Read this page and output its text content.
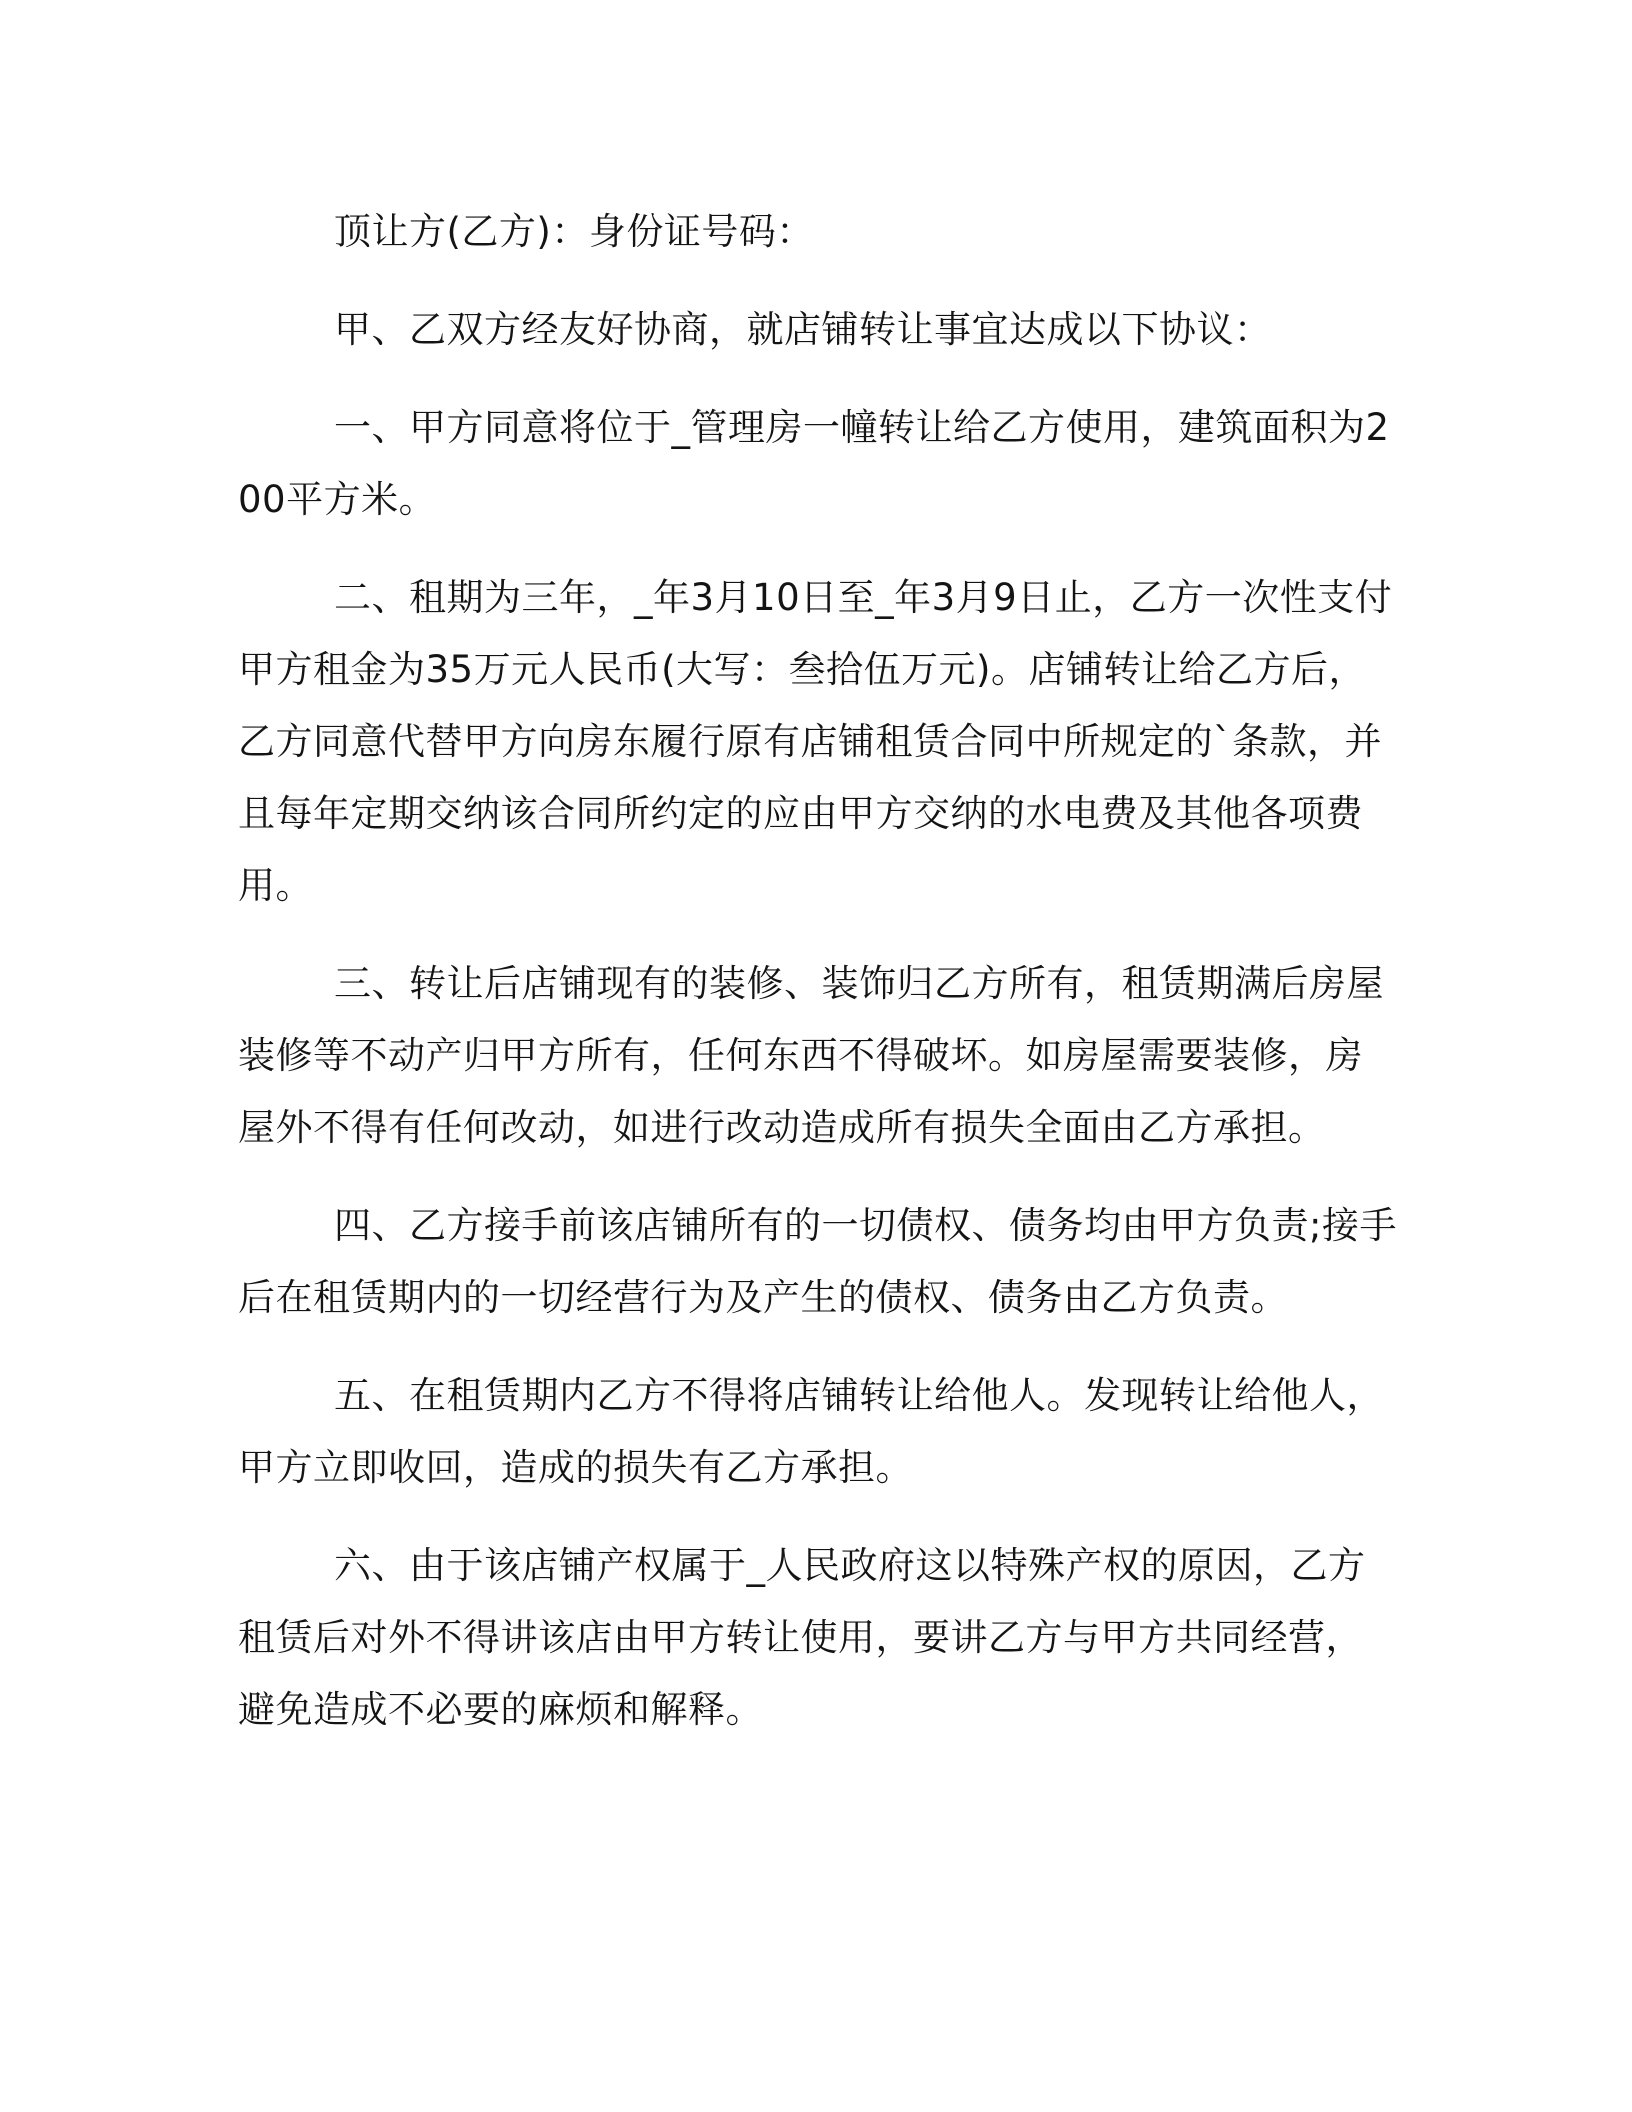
顶让方(乙方)：身份证号码：

甲、乙双方经友好协商，就店铺转让事宜达成以下协议：

一、甲方同意将位于_管理房一幢转让给乙方使用，建筑面积为200平方米。

二、租期为三年，_年3月10日至_年3月9日止，乙方一次性支付甲方租金为35万元人民币(大写：叁拾伍万元)。店铺转让给乙方后，乙方同意代替甲方向房东履行原有店铺租赁合同中所规定的`条款，并且每年定期交纳该合同所约定的应由甲方交纳的水电费及其他各项费用。

三、转让后店铺现有的装修、装饰归乙方所有，租赁期满后房屋装修等不动产归甲方所有，任何东西不得破坏。如房屋需要装修，房屋外不得有任何改动，如进行改动造成所有损失全面由乙方承担。

四、乙方接手前该店铺所有的一切债权、债务均由甲方负责;接手后在租赁期内的一切经营行为及产生的债权、债务由乙方负责。

五、在租赁期内乙方不得将店铺转让给他人。发现转让给他人，甲方立即收回，造成的损失有乙方承担。

六、由于该店铺产权属于_人民政府这以特殊产权的原因，乙方租赁后对外不得讲该店由甲方转让使用，要讲乙方与甲方共同经营，避免造成不必要的麻烦和解释。
